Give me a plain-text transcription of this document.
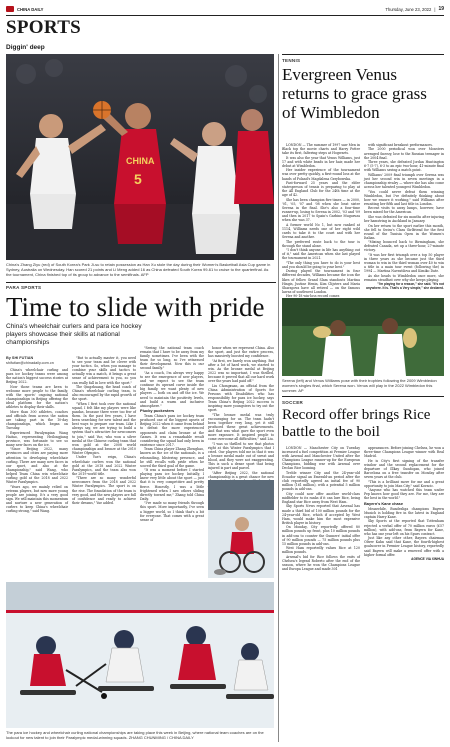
CHINA DAILY	Thursday, June 23, 2022 | 19
SPORTS
Diggin' deep
CHINA
5
China's Zhang Ziyu (red) of South Korea's Park Ji-su to retain possession as Han Xu stole the day during their Women's Basketball Asia Cup game in Sydney, Australia on Wednesday. Han scored 21 points and Li Meng added 16 as China defeated South Korea 99-61 to cruise to the quarterfinal. As the tournament, China finished top of its group to advance to the semifinals. AFP
PARA SPORTS
Time to slide with pride
China's wheelchair curlers and para ice hockey players showcase their skills at national championships
By SHI FUTIAN
shifutian@chinadaily.com.cn

China's wheelchair curling and para ice hockey teams were among the nation's biggest success stories at Beijing 2022.

Now those teams are keen to welcome more people to the family, with the sports' ongoing national championships in Beijing offering the ideal platform for the nation's athletes to display their skills.

More than 300 athletes, coaches and officials from across the nation are taking part in the 10-day championships, which began on Tuesday.

Experienced Paralympian Wang Haitao, representing Heilongjiang province, was fortunate to see so many new faces on the ice.

"Since Beijing 2022, many provinces and cities are paying more attention to developing wheelchair curling. There are many new faces in our sport, and also at the championship," said Wang, who helped Team China win wheelchair curling gold at the 2018 and 2022 Winter Paralympics.

"Years ago, we mainly relied on veteran players, but now more young people are joining. It's a very good sign. We will maintain this momentum and nurture a new generation of curlers to keep China's wheelchair curling strong," said Wang.

"But to actually master it, you need to see your team and be clever with your tactics. So, when you manage to combine your skills and tactics to actually win a match, it brings a great sense of achievement to you, so you can really fall in love with the sport."

The Qingzhuang, the head coach of China's wheelchair curling team, is also encouraged by the rapid growth of the sport.

"When I first took over the national squad, I felt like my players were like pandas, because there were too few of them. In the past few years, I have been searching for new talent and the best ways to prepare our team. Like I always say, we are trying to build a system that's attractive for newcomers to join," said Yue, who won a silver medal at the Chinese curling team that won gold at the 2008 world championships and bronze at the 2010 Winter Olympics.

Under Yue's reign, China's wheelchair curlers won the national gold at the 2018 and 2022 Winter Paralympics, and the team also won the 2019 world title.

"There are so many wonderful newcomers from the 2018 and 2022 Winter Paralympics. The sport is on the rise. The foundation of the team is very good, and the new players are full of confidence and ready to achieve their dreams," Yue added.

"Seeing the national team coach remain that I have to be away from my family sometimes. I've been with the team for so long, so I've witnessed their development. Now this is our second family."

"As a coach, I'm always very happy to see the emergence of new players, and we expect to see the team continue its upward curve inside the big family, we want plenty of new players — both on and off the ice. We need to maintain the positivity levels, and build a warm and inclusive atmosphere."

Plucky puckesters

Team China's para ice hockey team produced one of the biggest upsets of Beijing 2022 when it came from behind to defeat the more experienced opponents and claim bronze at the Games. It was a remarkable result considering the squad had only been in existence since 2017.

Team China player Zhang Zhenghao, known as the ice of the nationals, is a rebounding, blistering presence, and he still recalls with pride when he scored the third goal of the game.

"It was a moment before I started playing para ice hockey. Initially, I knew very little about the sport — just that it is very competitive and pretty fierce. Honestly, I was a little frightened when I saw others sliding directly toward me," Zhang told China Daily.

"I've made so many friends through this sport. More importantly, I've seen a bigger world, so I think that's a bit for everyone. That comes with a great sense of

honor when we represent China. Also the sport, and just the entire process, has massively boosted my confidence.

"At first, we barely won anything. But after a lot of hard work, we started to win. As the bronze medal at Beijing 2022 was so important, I was thrilled, because it proved that all our hard work over the years had paid off."

Liu Chongxuan, an official from the China Administration of Sports for Persons with Disabilities who has responsibility for para ice hockey, says Team China's Beijing 2022 success is inspiring more youngsters to try out the sport.

"The bronze medal was truly encouraging for us. The team hadn't been together very long, yet it still produced these great achievements. And that was what gave the sport even more exposure. It inspired people to come overcome all difficulties," said Liu.

"I was so thrilled to see that photos right at this Winter Paralympics that I cried. Our players told me in that it was a bronze medal made out of sweat and blood, and they were not exaggerating. This is such a dense sport that being injured is part and parcel.

"After Beijing 2022, the national championship is a great chance for new

The para ice hockey and wheelchair curling national championships are taking place this week in Beijing, where national team coaches are on the lookout for new talent to join their Paralympic medal-winning squads. ZHANG CHUNMING / CHINA DAILY
TENNIS
Evergreen Venus returns to grace grass of Wimbledon

LONDON — The summer of 1997 saw Men in Black top the movie charts and Harry Potter take its first, faltering steps at Hogwarts.

It was also the year that Venus Williams, just 17 and with white beads in her hair, made her debut at Wimbledon.

Her insider experience of the tournament was over pretty quickly, a first-round loss at the hands of Poland's Magdalena Grzybowska.

Fast-forward 25 years and the elder statesperson of tennis is preparing to play at the All England Club for the 24th time at the age of 42.

She has been champion five times — in 2000, '01, '05, '07 and '08 when she beat sister Serena in the final. She's also a four-time runner-up, losing to Serena in 2002, '03 and '09 and then in 2017 to Spain's Garbine Muguruza when she was 37.

A former world No 1, but now ranked at 1114, Williams needs one of her eight wild cards to take it to the court and with her Serena and another.

The preferred route back to the tour is through the stand alone.

"I don't think anyone in life has anything out of it," said the American when she last played the tournament in 2021.

"The only thing you have to do is your best and you should be going to your best."

During played the tournament in four different decades, Williams became the icon the likes of fellow Grand Slam standouts Martina Hingis, Justine Henin, Kim Clijsters and Maria Sharapova have all retired — on the famous lawns of southwest London.

Her 90-18 win-loss record comes

with significant breakout performances.

The 2000 periodical won over Monsters averaged Sneezy, lose to the Russian teenager in the 2004 final.

Three years, she defeated Jordan Huntington 6-7 (5-7), 6-3 to an epic two-hour, 41-minute final with Williams saving a match point.

Williams' 2009 final triumph over Serena was just her second win in seven meetings in a championship rivalry — where she has also come across her talented youngest Wimbledon.

"You could never defeat them winning Wimbledon, but I've definitely thinking about how we ensure it working," said Williams after reuniting her fifth and last title in London.

Recent visits to away lumps, however, have been mixed for the American.

She was defeated for six months after injuring her hamstring in Auckland in January.

On her return to the sport earlier this month, she fell to Swiss's Clara Girlfriend for the first round of the Tunisia Open in the Women's Italian.

"Mixing bounced back to Birmingham, she defeated Canada, set up a three-hour, 27-minute victory.

"It was her first triumph over a top 50 player in three years as she became just the third woman to win in the third woman over 40 to win a title in a main tour event (following the) in 1994 — Martina Navratilova and Kimiko Date.

As she heads to Wimbledon once more, she remains steadfast over why she keeps playing.

"I'm playing for a reason," she said. "It's not anywhere. It is. That's a Very simple," she declared.
Serena (left) and Venus Williams pose with their trophies following the 2009 Wimbledon women's singles final, which Serena won. Venus will play in the 2022 Wimbledon this summer. AP
SOCCER
Record offer brings Rice battle to the boil

LONDON — Manchester City on Tuesday increased a fuel competition at Premier League with Arsenal and Manchester United after the Champions League runner-up for the European Champions, bidding war with Arsenal over Declan Rice looming.

Treble winner City and the 24-year-old Ecuador signal an Emerald-an period after the club reportedly agreed an initial fee of 90 million (161 million), with a potential 5 million pounds in add-ons.

City could now offer another world-class midfielder to its ranks if it can lure Rice, being England star Rice away from West Ham.

Sky Sports News reported that Arsenal has made a third bid of 100 million pounds for the 24-year-old Rice, which if accepted by West Ham, would make him the most expensive British player in history.

On Monday, City reportedly offered 80 million pounds up front, plus 10 million pounds in add-ons to counter the Gunners' initial offer of 90 million pounds — 75 million pounds plus 15 million pounds in add-ons.

West Ham reportedly values Rice at 120 million pounds.

Arsenal's bid for Rice follows the exits of Chelsea's legend Roberto after the end of the season, where he won the Champions League and Europa League and made 301

appearances. Before joining Chelsea, he won a three-time Champions League winner with Real Madrid.

He is City's first signing of the transfer window and the second replacement for the departure of Illkay Gundogan, who joined Barcelona on a free transfer on Monday after seven years at the club.

"This is a brilliant move for me and a great opportunity to join Man City," said Kovacic.

"Anyone who has watched this team under Pep knows how good they are. For me, they are the best in the world."

Bayern's Kane chase

Meanwhile, Bundesliga champions Bayern Munich is holding fire in the latest in England captain Harry Kane.

Sky Sports at the reported that Tottenham rejected a verbal offer of 70 million euros (£57 million), with add-ons, from Bayern for Kane, who has one year left on his Spurs contract.

Just like any other other, Bayern chairman Oliver Kahn said that Kane, the fourth-highest goalscorer in Premier League history, reportedly said Bayern will make a renewed offer with a higher formal offer.

AGENCE VIA XINHUA
